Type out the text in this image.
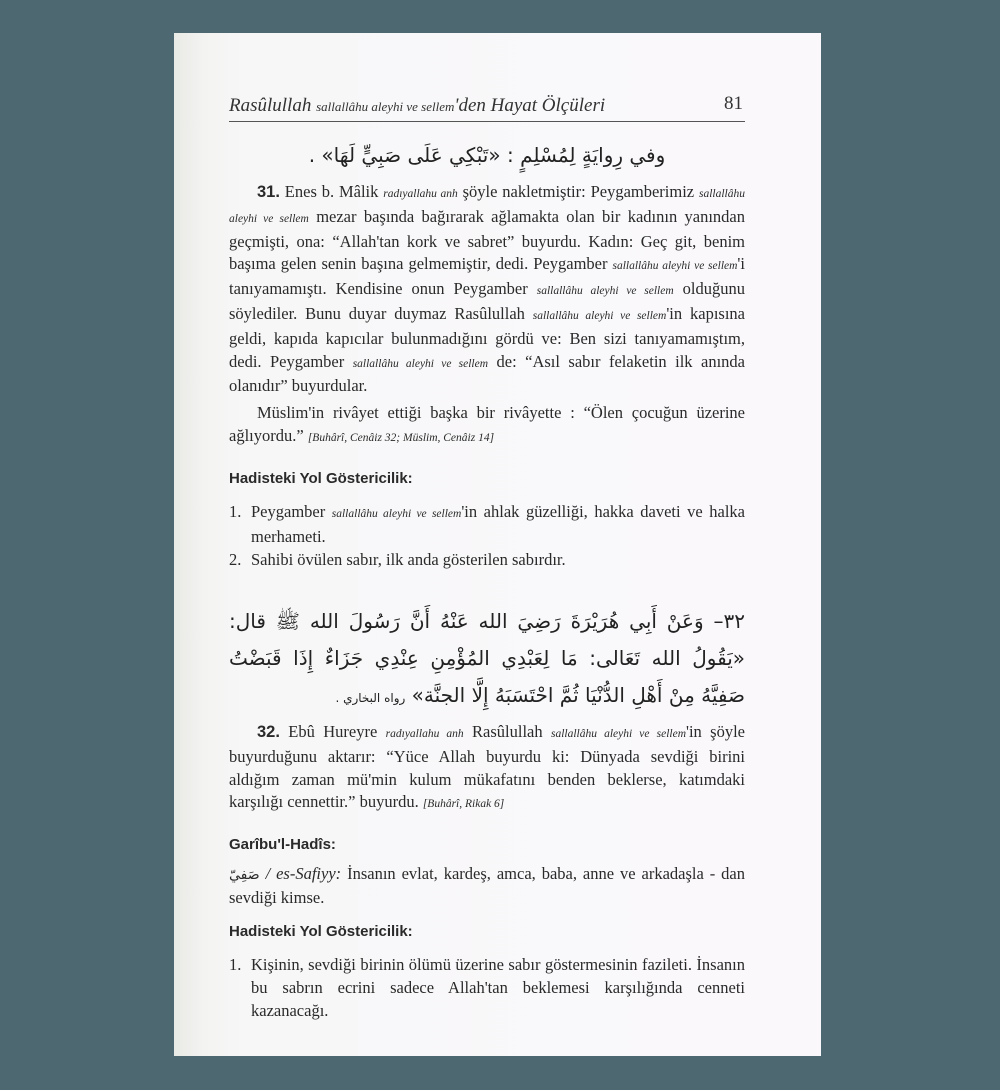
Rasûlullah sallallâhu aleyhi ve sellem'den Hayat Ölçüleri	81
وفي رِوايَةٍ لِمُسْلِمٍ : «تَبْكِي عَلَى صَبِيٍّ لَهَا» .

31. Enes b. Mâlik radıyallahu anh şöyle nakletmiştir: Peygamberimiz sallallâhu aleyhi ve sellem mezar başında bağırarak ağlamakta olan bir kadının yanından geçmişti, ona: “Allah'tan kork ve sabret” buyurdu. Kadın: Geç git, benim başıma gelen senin başına gelmemiştir, dedi. Peygamber sallallâhu aleyhi ve sellem'i tanıyamamıştı. Kendisine onun Peygamber sallallâhu aleyhi ve sellem olduğunu söylediler. Bunu duyar duymaz Rasûlullah sallallâhu aleyhi ve sellem'in kapısına geldi, kapıda kapıcılar bulunmadığını gördü ve: Ben sizi tanıyamamıştım, dedi. Peygamber sallallâhu aleyhi ve sellem de: “Asıl sabır felaketin ilk anında olanıdır” buyurdular.

Müslim'in rivâyet ettiği başka bir rivâyette : “Ölen çocuğun üzerine ağlıyordu.” [Buhârî, Cenâiz 32; Müslim, Cenâiz 14]

Hadisteki Yol Göstericilik:
1. Peygamber sallallâhu aleyhi ve sellem'in ahlak güzelliği, hakka daveti ve halka merhameti.
2. Sahibi övülen sabır, ilk anda gösterilen sabırdır.
٣٢– وَعَنْ أَبِي هُرَيْرَةَ رَضِيَ الله عَنْهُ أَنَّ رَسُولَ الله ﷺ قال: «يَقُولُ الله تَعَالى: مَا لِعَبْدِي المُؤْمِنِ عِنْدِي جَزَاءٌ إِذَا قَبَضْتُ صَفِيَّهُ مِنْ أَهْلِ الدُّنْيَا ثُمَّ احْتَسَبَهُ إِلَّا الجنَّة» رواه البخاري .

32. Ebû Hureyre radıyallahu anh Rasûlullah sallallâhu aleyhi ve sellem'in şöyle buyurduğunu aktarır: “Yüce Allah buyurdu ki: Dünyada sevdiği birini aldığım zaman mü'min kulum mükafatını benden beklerse, katımdaki karşılığı cennettir.” buyurdu. [Buhârî, Rikak 6]

Garîbu'l-Hadîs:

صَفِيّ / es-Safiyy: İnsanın evlat, kardeş, amca, baba, anne ve arkadaşla - dan sevdiği kimse.

Hadisteki Yol Göstericilik:
1. Kişinin, sevdiği birinin ölümü üzerine sabır göstermesinin fazileti. İnsanın bu sabrın ecrini sadece Allah'tan beklemesi karşılığında cenneti kazanacağı.
